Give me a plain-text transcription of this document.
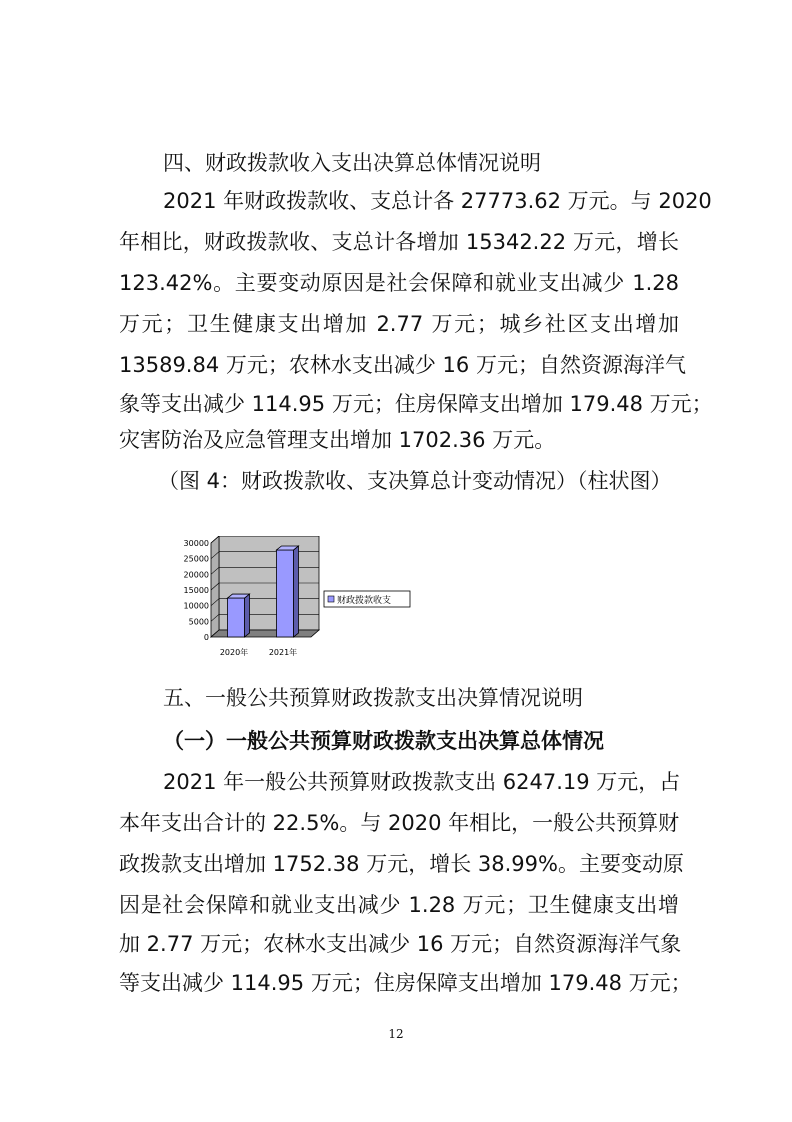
四、财政拨款收入支出决算总体情况说明
2021 年财政拨款收、支总计各 27773.62 万元。与 2020
年相比，财政拨款收、支总计各增加 15342.22 万元，增长
123.42%。主要变动原因是社会保障和就业支出减少 1.28
万元；卫生健康支出增加 2.77 万元；城乡社区支出增加
13589.84 万元；农林水支出减少 16 万元；自然资源海洋气
象等支出减少 114.95 万元；住房保障支出增加 179.48 万元；
灾害防治及应急管理支出增加 1702.36 万元。
（图 4：财政拨款收、支决算总计变动情况）（柱状图）
0
5000
10000
15000
20000
25000
30000
2020年	2021年
财政拨款收支
五、一般公共预算财政拨款支出决算情况说明
（一）一般公共预算财政拨款支出决算总体情况
2021 年一般公共预算财政拨款支出 6247.19 万元，占
本年支出合计的 22.5%。与 2020 年相比，一般公共预算财
政拨款支出增加 1752.38 万元，增长 38.99%。主要变动原
因是社会保障和就业支出减少 1.28 万元；卫生健康支出增
加 2.77 万元；农林水支出减少 16 万元；自然资源海洋气象
等支出减少 114.95 万元；住房保障支出增加 179.48 万元；
12
